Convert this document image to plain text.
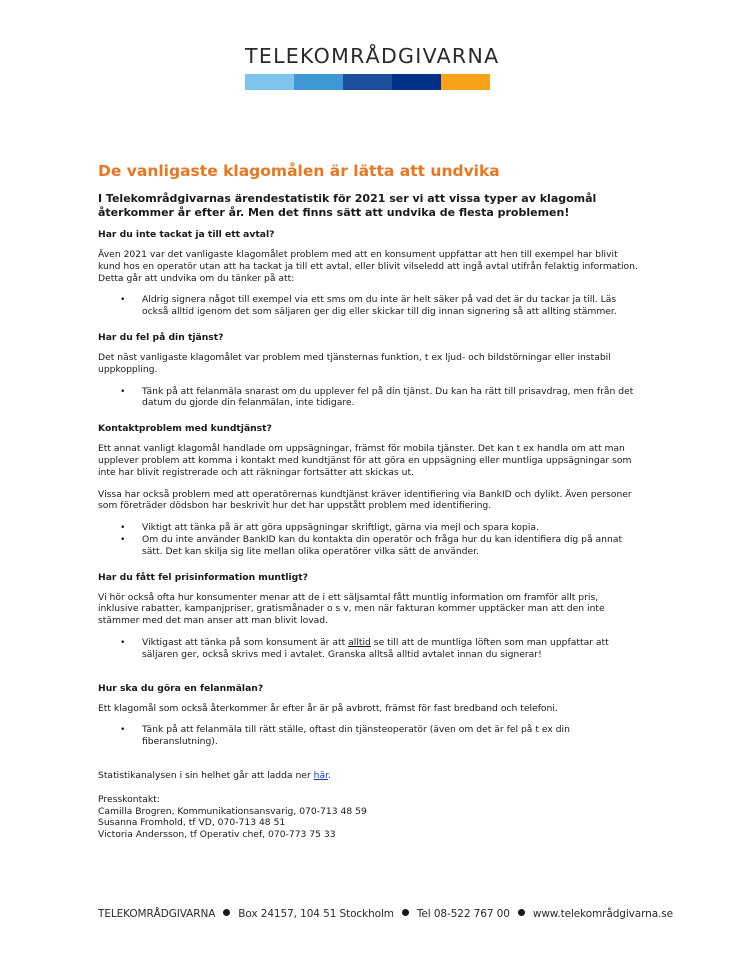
TELEKOMRÅDGIVARNA
De vanligaste klagomålen är lätta att undvika

I Telekområdgivarnas ärendestatistik för 2021 ser vi att vissa typer av klagomål återkommer år efter år. Men det finns sätt att undvika de flesta problemen!

Har du inte tackat ja till ett avtal?

Även 2021 var det vanligaste klagomålet problem med att en konsument uppfattar att hen till exempel har blivit kund hos en operatör utan att ha tackat ja till ett avtal, eller blivit vilseledd att ingå avtal utifrån felaktig information. Detta går att undvika om du tänker på att:

• Aldrig signera något till exempel via ett sms om du inte är helt säker på vad det är du tackar ja till. Läs också alltid igenom det som säljaren ger dig eller skickar till dig innan signering så att allting stämmer.
Har du fel på din tjänst?

Det näst vanligaste klagomålet var problem med tjänsternas funktion, t ex ljud- och bildstörningar eller instabil uppkoppling.

• Tänk på att felanmäla snarast om du upplever fel på din tjänst. Du kan ha rätt till prisavdrag, men från det datum du gjorde din felanmälan, inte tidigare.
Kontaktproblem med kundtjänst?

Ett annat vanligt klagomål handlade om uppsägningar, främst för mobila tjänster. Det kan t ex handla om att man upplever problem att komma i kontakt med kundtjänst för att göra en uppsägning eller muntliga uppsägningar som inte har blivit registrerade och att räkningar fortsätter att skickas ut.

Vissa har också problem med att operatörernas kundtjänst kräver identifiering via BankID och dylikt. Även personer som företräder dödsbon har beskrivit hur det har uppstått problem med identifiering.

• Viktigt att tänka på är att göra uppsägningar skriftligt, gärna via mejl och spara kopia.
• Om du inte använder BankID kan du kontakta din operatör och fråga hur du kan identifiera dig på annat sätt. Det kan skilja sig lite mellan olika operatörer vilka sätt de använder.
Har du fått fel prisinformation muntligt?

Vi hör också ofta hur konsumenter menar att de i ett säljsamtal fått muntlig information om framför allt pris, inklusive rabatter, kampanjpriser, gratismånader o s v, men när fakturan kommer upptäcker man att den inte stämmer med det man anser att man blivit lovad.

• Viktigast att tänka på som konsument är att alltid se till att de muntliga löften som man uppfattar att säljaren ger, också skrivs med i avtalet. Granska alltså alltid avtalet innan du signerar!
Hur ska du göra en felanmälan?

Ett klagomål som också återkommer år efter år är på avbrott, främst för fast bredband och telefoni.

• Tänk på att felanmäla till rätt ställe, oftast din tjänsteoperatör (även om det är fel på t ex din fiberanslutning).

Statistikanalysen i sin helhet går att ladda ner här.

Presskontakt:

Camilla Brogren, Kommunikationsansvarig, 070-713 48 59

Susanna Fromhold, tf VD, 070-713 48 51

Victoria Andersson, tf Operativ chef, 070-773 75 33

TELEKOMRÅDGIVARNA Box 24157, 104 51 Stockholm Tel 08-522 767 00 www.telekområdgivarna.se
